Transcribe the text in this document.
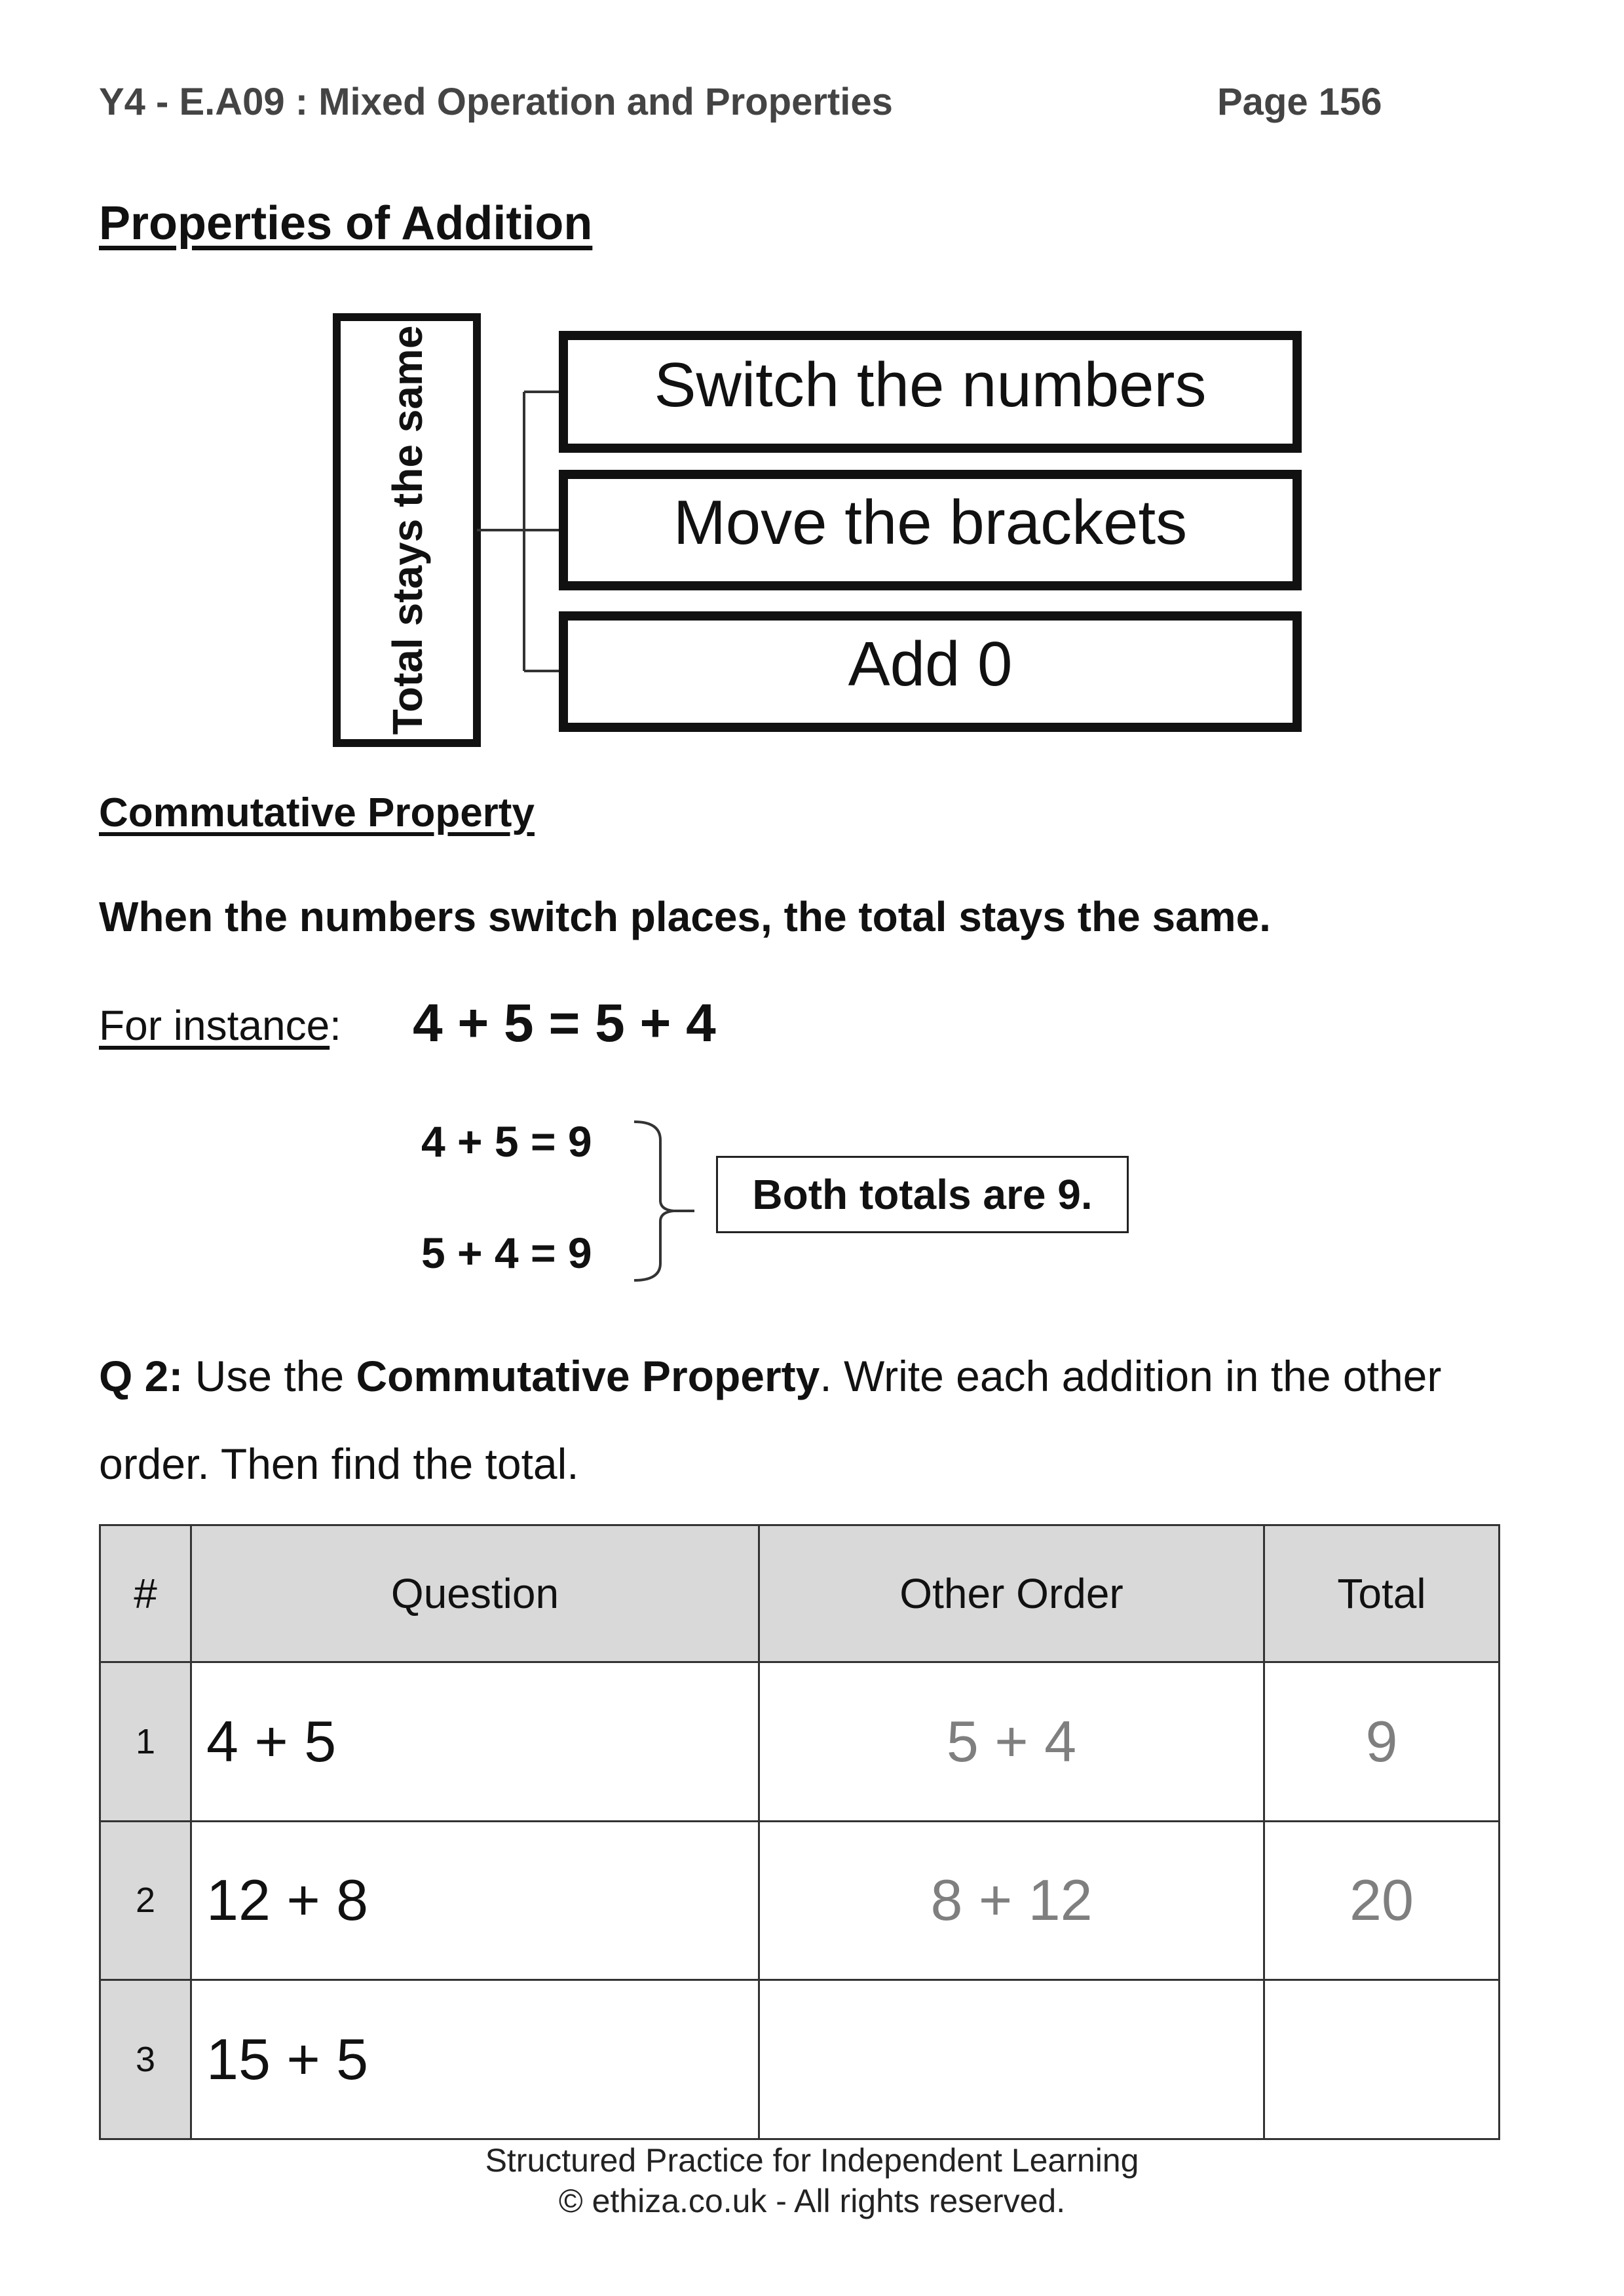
Y4 - E.A09 : Mixed Operation and Properties	Page 156
Properties of Addition
Total stays the same	Switch the numbers
Move the brackets
Add 0
Commutative Property
When the numbers switch places, the total stays the same.
For instance: 4 + 5 = 5 + 4
4 + 5 = 9
5 + 4 = 9
Both totals are 9.
Q 2: Use the Commutative Property. Write each addition in the other
order. Then find the total.
#	Question	Other Order	Total
1	4 + 5	5 + 4	9
2	12 + 8	8 + 12	20
3	15 + 5		
Structured Practice for Independent Learning
© ethiza.co.uk - All rights reserved.
